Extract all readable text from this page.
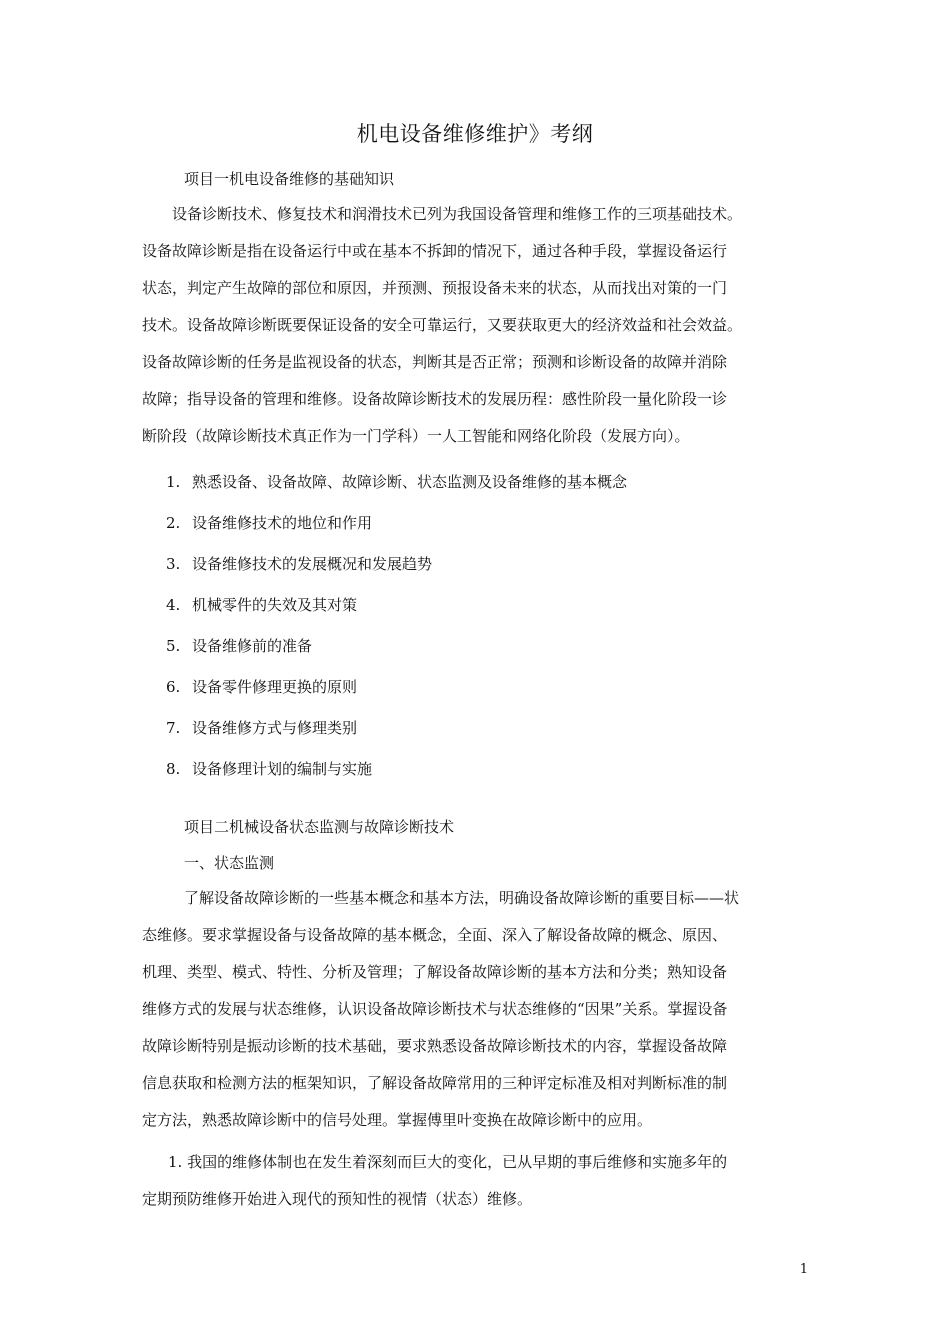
机电设备维修维护》考纲
项目一机电设备维修的基础知识
设备诊断技术、修复技术和润滑技术已列为我国设备管理和维修工作的三项基础技术。
设备故障诊断是指在设备运行中或在基本不拆卸的情况下，通过各种手段，掌握设备运行
状态，判定产生故障的部位和原因，并预测、预报设备未来的状态，从而找出对策的一门
技术。设备故障诊断既要保证设备的安全可靠运行，又要获取更大的经济效益和社会效益。
设备故障诊断的任务是监视设备的状态，判断其是否正常；预测和诊断设备的故障并消除
故障；指导设备的管理和维修。设备故障诊断技术的发展历程：感性阶段一量化阶段一诊
断阶段（故障诊断技术真正作为一门学科）一人工智能和网络化阶段（发展方向）。
1. 熟悉设备、设备故障、故障诊断、状态监测及设备维修的基本概念
2. 设备维修技术的地位和作用
3. 设备维修技术的发展概况和发展趋势
4. 机械零件的失效及其对策
5. 设备维修前的准备
6. 设备零件修理更换的原则
7. 设备维修方式与修理类别
8. 设备修理计划的编制与实施
项目二机械设备状态监测与故障诊断技术
一、状态监测
了解设备故障诊断的一些基本概念和基本方法，明确设备故障诊断的重要目标——状
态维修。要求掌握设备与设备故障的基本概念，全面、深入了解设备故障的概念、原因、
机理、类型、模式、特性、分析及管理；了解设备故障诊断的基本方法和分类；熟知设备
维修方式的发展与状态维修，认识设备故障诊断技术与状态维修的“因果”关系。掌握设备
故障诊断特别是振动诊断的技术基础，要求熟悉设备故障诊断技术的内容，掌握设备故障
信息获取和检测方法的框架知识，了解设备故障常用的三种评定标准及相对判断标准的制
定方法，熟悉故障诊断中的信号处理。掌握傅里叶变换在故障诊断中的应用。
1. 我国的维修体制也在发生着深刻而巨大的变化，已从早期的事后维修和实施多年的
定期预防维修开始进入现代的预知性的视情（状态）维修。
1
